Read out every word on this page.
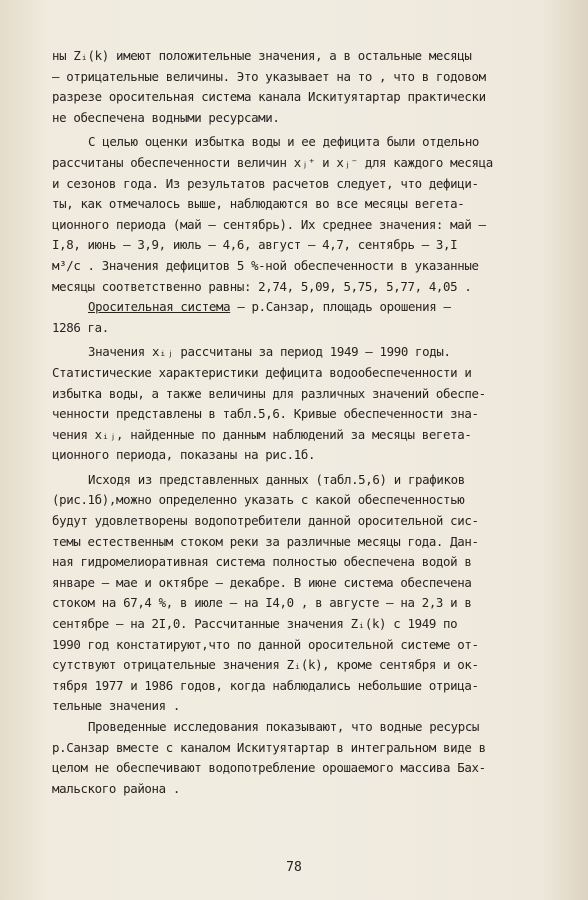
ны Zᵢ(k) имеют положительные значения, а в остальные месяцы
– отрицательные величины. Это указывает на то , что в годовом
разрезе оросительная система канала Искитуятартар практически
не обеспечена водными ресурсами.
С целью оценки избытка воды и ее дефицита были отдельно
рассчитаны обеспеченности величин xⱼ⁺ и xⱼ⁻ для каждого месяца
и сезонов года. Из результатов расчетов следует, что дефици-
ты, как отмечалось выше, наблюдаются во все месяцы вегета-
ционного периода (май – сентябрь). Их среднее значения: май –
I,8, июнь – 3,9, июль – 4,6, август – 4,7, сентябрь – 3,I
м³/с . Значения дефицитов 5 %-ной обеспеченности в указанные
месяцы соответственно равны: 2,74, 5,09, 5,75, 5,77, 4,05 .
Оросительная система – р.Санзар, площадь орошения –
1286 га.
Значения xᵢⱼ рассчитаны за период 1949 – 1990 годы.
Статистические характеристики дефицита водообеспеченности и
избытка воды, а также величины для различных значений обеспе-
ченности представлены в табл.5,6. Кривые обеспеченности зна-
чения xᵢⱼ, найденные по данным наблюдений за месяцы вегета-
ционного периода, показаны на рис.1б.
Исходя из представленных данных (табл.5,6) и графиков
(рис.1б),можно определенно указать с какой обеспеченностью
будут удовлетворены водопотребители данной оросительной сис-
темы естественным стоком реки за различные месяцы года. Дан-
ная гидромелиоративная система полностью обеспечена водой в
январе – мае и октябре – декабре. В июне система обеспечена
стоком на 67,4 %, в июле – на I4,0 , в августе – на 2,3 и в
сентябре – на 2I,0. Рассчитанные значения Zᵢ(k) с 1949 по
1990 год констатируют,что по данной оросительной системе от-
сутствуют отрицательные значения Zᵢ(k), кроме сентября и ок-
тября 1977 и 1986 годов, когда наблюдались небольшие отрица-
тельные значения .
Проведенные исследования показывают, что водные ресурсы
р.Санзар вместе с каналом Искитуятартар в интегральном виде в
целом не обеспечивают водопотребление орошаемого массива Бах-
мальского района .
78
